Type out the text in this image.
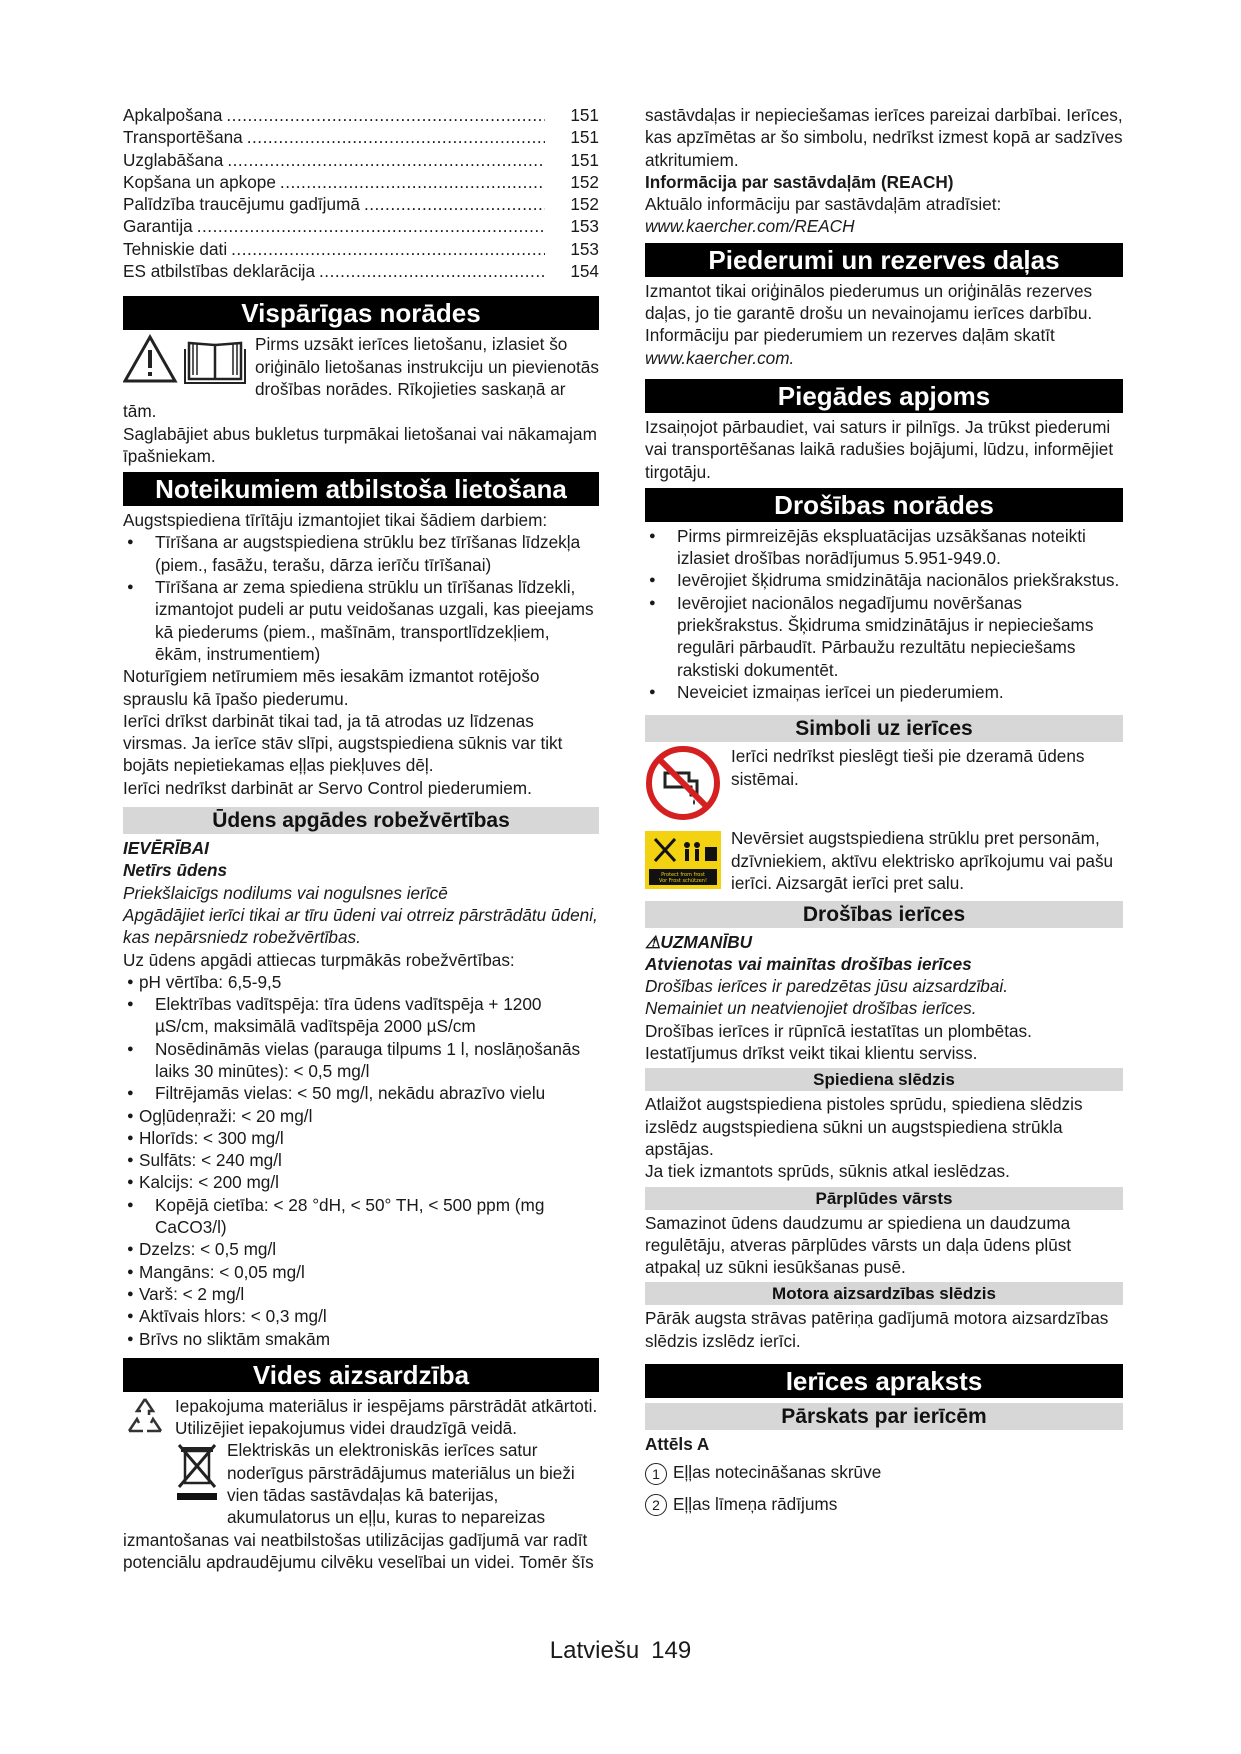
Apkalpošana .....	151
Transportēšana .....	151
Uzglabāšana .....	151
Kopšana un apkope .....	152
Palīdzība traucējumu gadījumā .....	152
Garantija .....	153
Tehniskie dati .....	153
ES atbilstības deklarācija .....	154
Vispārīgas norādes

Pirms uzsākt ierīces lietošanu, izlasiet šo oriģinālo lietošanas instrukciju un pievienotās drošības norādes. Rīkojieties saskaņā ar tām.

Saglabājiet abus bukletus turpmākai lietošanai vai nākamajam īpašniekam.

Noteikumiem atbilstoša lietošana

Augstspiediena tīrītāju izmantojiet tikai šādiem darbiem:

● Tīrīšana ar augstspiediena strūklu bez tīrīšanas līdzekļa (piem., fasāžu, terašu, dārza ierīču tīrīšanai)
● Tīrīšana ar zema spiediena strūklu un tīrīšanas līdzekli, izmantojot pudeli ar putu veidošanas uzgali, kas pieejams kā piederums (piem., mašīnām, transportlīdzekļiem, ēkām, instrumentiem)

Noturīgiem netīrumiem mēs iesakām izmantot rotējošo sprauslu kā īpašo piederumu.

Ierīci drīkst darbināt tikai tad, ja tā atrodas uz līdzenas virsmas. Ja ierīce stāv slīpi, augstspiediena sūknis var tikt bojāts nepietiekamas eļļas piekļuves dēļ.

Ierīci nedrīkst darbināt ar Servo Control piederumiem.

Ūdens apgādes robežvērtības

IEVĒRĪBAI

Netīrs ūdens

Priekšlaicīgs nodilums vai nogulsnes ierīcē

Apgādājiet ierīci tikai ar tīru ūdeni vai otrreiz pārstrādātu ūdeni, kas nepārsniedz robežvērtības.

Uz ūdens apgādi attiecas turpmākās robežvērtības:

● pH vērtība: 6,5-9,5
● Elektrības vadītspēja: tīra ūdens vadītspēja + 1200 µS/cm, maksimālā vadītspēja 2000 µS/cm
● Nosēdināmās vielas (parauga tilpums 1 l, noslāņošanās laiks 30 minūtes): < 0,5 mg/l
● Filtrējamās vielas: < 50 mg/l, nekādu abrazīvo vielu
● Ogļūdeņraži: < 20 mg/l
● Hlorīds: < 300 mg/l
● Sulfāts: < 240 mg/l
● Kalcijs: < 200 mg/l
● Kopējā cietība: < 28 °dH, < 50° TH, < 500 ppm (mg CaCO3/l)
● Dzelzs: < 0,5 mg/l
● Mangāns: < 0,05 mg/l
● Varš: < 2 mg/l
● Aktīvais hlors: < 0,3 mg/l
● Brīvs no sliktām smakām
Vides aizsardzība

Iepakojuma materiālus ir iespējams pārstrādāt atkārtoti. Utilizējiet iepakojumus videi draudzīgā veidā.

Elektriskās un elektroniskās ierīces satur noderīgus pārstrādājumus materiālus un bieži vien tādas sastāvdaļas kā baterijas, akumulatorus un eļļu, kuras to nepareizas izmantošanas vai neatbilstošas utilizācijas gadījumā var radīt potenciālu apdraudējumu cilvēku veselībai un videi. Tomēr šīs

sastāvdaļas ir nepieciešamas ierīces pareizai darbībai. Ierīces, kas apzīmētas ar šo simbolu, nedrīkst izmest kopā ar sadzīves atkritumiem.

Informācija par sastāvdaļām (REACH)

Aktuālo informāciju par sastāvdaļām atradīsiet:

www.kaercher.com/REACH

Piederumi un rezerves daļas

Izmantot tikai oriģinālos piederumus un oriģinālās rezerves daļas, jo tie garantē drošu un nevainojamu ierīces darbību.

Informāciju par piederumiem un rezerves daļām skatīt

www.kaercher.com.

Piegādes apjoms

Izsaiņojot pārbaudiet, vai saturs ir pilnīgs. Ja trūkst piederumi vai transportēšanas laikā radušies bojājumi, lūdzu, informējiet tirgotāju.

Drošības norādes
● Pirms pirmreizējās ekspluatācijas uzsākšanas noteikti izlasiet drošības norādījumus 5.951-949.0.
● Ievērojiet šķidruma smidzinātāja nacionālos priekšrakstus.
● Ievērojiet nacionālos negadījumu novēršanas priekšrakstus. Šķidruma smidzinātājus ir nepieciešams regulāri pārbaudīt. Pārbaužu rezultātu nepieciešams rakstiski dokumentēt.
● Neveiciet izmaiņas ierīcei un piederumiem.
Simboli uz ierīces

Ierīci nedrīkst pieslēgt tieši pie dzeramā ūdens sistēmai.

Protect from frost
Vor Frost schützen!

Nevērsiet augstspiediena strūklu pret personām, dzīvniekiem, aktīvu elektrisko aprīkojumu vai pašu ierīci. Aizsargāt ierīci pret salu.

Drošības ierīces

⚠UZMANĪBU

Atvienotas vai mainītas drošības ierīces

Drošības ierīces ir paredzētas jūsu aizsardzībai.

Nemainiet un neatvienojiet drošības ierīces.

Drošības ierīces ir rūpnīcā iestatītas un plombētas. Iestatījumus drīkst veikt tikai klientu serviss.

Spiediena slēdzis

Atlaižot augstspiediena pistoles sprūdu, spiediena slēdzis izslēdz augstspiediena sūkni un augstspiediena strūkla apstājas.

Ja tiek izmantots sprūds, sūknis atkal ieslēdzas.

Pārplūdes vārsts

Samazinot ūdens daudzumu ar spiediena un daudzuma regulētāju, atveras pārplūdes vārsts un daļa ūdens plūst atpakaļ uz sūkni iesūkšanas pusē.

Motora aizsardzības slēdzis

Pārāk augsta strāvas patēriņa gadījumā motora aizsardzības slēdzis izslēdz ierīci.

Ierīces apraksts
Pārskats par ierīcēm

Attēls A

1 Eļļas notecināšanas skrūve
2 Eļļas līmeņa rādījums
Latviešu 149
